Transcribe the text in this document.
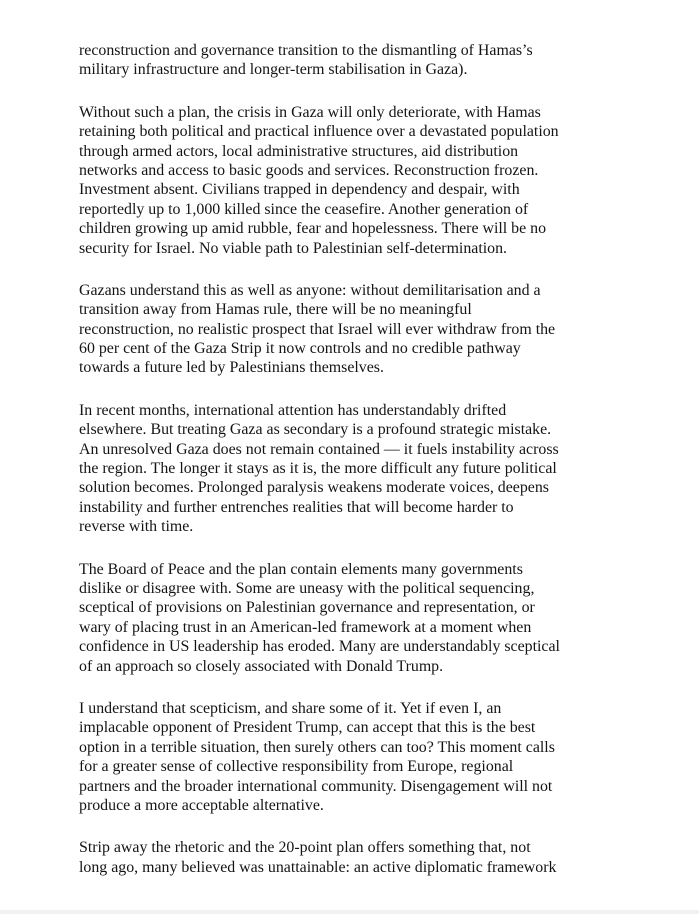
reconstruction and governance transition to the dismantling of Hamas’s
military infrastructure and longer-term stabilisation in Gaza).
Without such a plan, the crisis in Gaza will only deteriorate, with Hamas
retaining both political and practical influence over a devastated population
through armed actors, local administrative structures, aid distribution
networks and access to basic goods and services. Reconstruction frozen.
Investment absent. Civilians trapped in dependency and despair, with
reportedly up to 1,000 killed since the ceasefire. Another generation of
children growing up amid rubble, fear and hopelessness. There will be no
security for Israel. No viable path to Palestinian self-determination.
Gazans understand this as well as anyone: without demilitarisation and a
transition away from Hamas rule, there will be no meaningful
reconstruction, no realistic prospect that Israel will ever withdraw from the
60 per cent of the Gaza Strip it now controls and no credible pathway
towards a future led by Palestinians themselves.
In recent months, international attention has understandably drifted
elsewhere. But treating Gaza as secondary is a profound strategic mistake.
An unresolved Gaza does not remain contained — it fuels instability across
the region. The longer it stays as it is, the more difficult any future political
solution becomes. Prolonged paralysis weakens moderate voices, deepens
instability and further entrenches realities that will become harder to
reverse with time.
The Board of Peace and the plan contain elements many governments
dislike or disagree with. Some are uneasy with the political sequencing,
sceptical of provisions on Palestinian governance and representation, or
wary of placing trust in an American-led framework at a moment when
confidence in US leadership has eroded. Many are understandably sceptical
of an approach so closely associated with Donald Trump.
I understand that scepticism, and share some of it. Yet if even I, an
implacable opponent of President Trump, can accept that this is the best
option in a terrible situation, then surely others can too? This moment calls
for a greater sense of collective responsibility from Europe, regional
partners and the broader international community. Disengagement will not
produce a more acceptable alternative.
Strip away the rhetoric and the 20-point plan offers something that, not
long ago, many believed was unattainable: an active diplomatic framework
